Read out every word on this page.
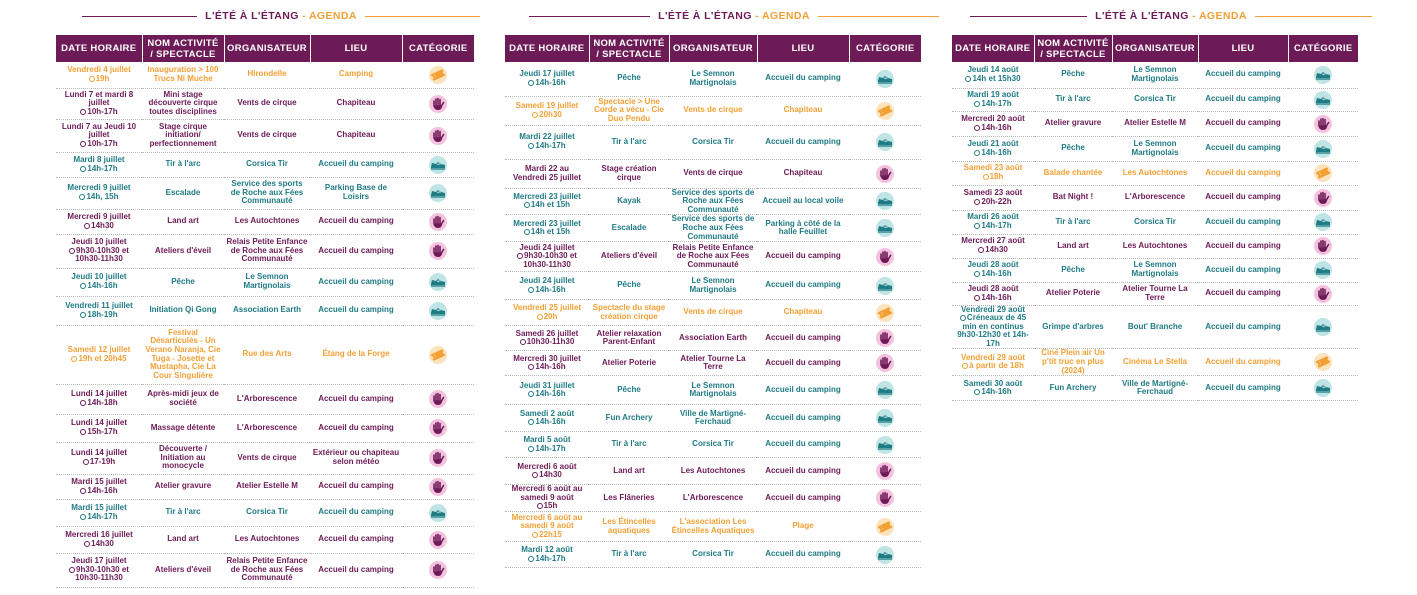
L'ÉTÉ À L'ÉTANG - AGENDA
DATE HORAIRE	NOM ACTIVITÉ / SPECTACLE	ORGANISATEUR	LIEU	CATÉGORIE

Vendredi 4 juillet
19h	Inauguration > 100 Trucs Ni Muche	Hirondelle	Camping	

Lundi 7 et mardi 8 juillet
10h-17h	Mini stage découverte cirque toutes disciplines	Vents de cirque	Chapiteau	

Lundi 7 au Jeudi 10 juillet
10h-17h	Stage cirque initiation/ perfectionnement	Vents de cirque	Chapiteau	

Mardi 8 juillet
14h-17h	Tir à l'arc	Corsica Tir	Accueil du camping	

Mercredi 9 juillet
14h, 15h	Escalade	Service des sports de Roche aux Fées Communauté	Parking Base de Loisirs	

Mercredi 9 juillet
14h30	Land art	Les Autochtones	Accueil du camping	

Jeudi 10 juillet
9h30-10h30 et 10h30-11h30	Ateliers d'éveil	Relais Petite Enfance de Roche aux Fées Communauté	Accueil du camping	

Jeudi 10 juillet
14h-16h	Pêche	Le Semnon Martignolais	Accueil du camping	

Vendredi 11 juillet
18h-19h	Initiation Qi Gong	Association Earth	Accueil du camping	

Samedi 12 juillet
19h et 20h45	Festival Désarticulés - Un Verano Naranja, Cie Tuga - Josette et Mustapha, Cie La Cour Singulière	Rue des Arts	Étang de la Forge	

Lundi 14 juillet
14h-18h	Après-midi jeux de société	L'Arborescence	Accueil du camping	

Lundi 14 juillet
15h-17h	Massage détente	L'Arborescence	Accueil du camping	

Lundi 14 juillet
17-19h	Découverte / Initiation au monocycle	Vents de cirque	Extérieur ou chapiteau selon météo	

Mardi 15 juillet
14h-16h	Atelier gravure	Atelier Estelle M	Accueil du camping	

Mardi 15 juillet
14h-17h	Tir à l'arc	Corsica Tir	Accueil du camping	

Mercredi 16 juillet
14h30	Land art	Les Autochtones	Accueil du camping	

Jeudi 17 juillet
9h30-10h30 et 10h30-11h30	Ateliers d'éveil	Relais Petite Enfance de Roche aux Fées Communauté	Accueil du camping	
L'ÉTÉ À L'ÉTANG - AGENDA
DATE HORAIRE	NOM ACTIVITÉ / SPECTACLE	ORGANISATEUR	LIEU	CATÉGORIE

Jeudi 17 juillet
14h-16h	Pêche	Le Semnon Martignolais	Accueil du camping	

Samedi 19 juillet
20h30	Spectacle > Une Corde a vécu - Cie Duo Pendu	Vents de cirque	Chapiteau	

Mardi 22 juillet
14h-17h	Tir à l'arc	Corsica Tir	Accueil du camping	

Mardi 22 au Vendredi 25 juillet	Stage création cirque	Vents de cirque	Chapiteau	

Mercredi 23 juillet
14h et 15h	Kayak	Service des sports de Roche aux Fées Communauté	Accueil au local voile	

Mercredi 23 juillet
14h et 15h	Escalade	Service des sports de Roche aux Fées Communauté	Parking à côté de la halle Feuillet	

Jeudi 24 juillet
9h30-10h30 et 10h30-11h30	Ateliers d'éveil	Relais Petite Enfance de Roche aux Fées Communauté	Accueil du camping	

Jeudi 24 juillet
14h-16h	Pêche	Le Semnon Martignolais	Accueil du camping	

Vendredi 25 juillet
20h	Spectacle du stage création cirque	Vents de cirque	Chapiteau	

Samedi 26 juillet
10h30-11h30	Atelier relaxation Parent-Enfant	Association Earth	Accueil du camping	

Mercredi 30 juillet
14h-16h	Atelier Poterie	Atelier Tourne La Terre	Accueil du camping	

Jeudi 31 juillet
14h-16h	Pêche	Le Semnon Martignolais	Accueil du camping	

Samedi 2 août
14h-16h	Fun Archery	Ville de Martigné-Ferchaud	Accueil du camping	

Mardi 5 août
14h-17h	Tir à l'arc	Corsica Tir	Accueil du camping	

Mercredi 6 août
14h30	Land art	Les Autochtones	Accueil du camping	

Mercredi 6 août au samedi 9 août
15h	Les Flâneries	L'Arborescence	Accueil du camping	

Mercredi 6 août au samedi 9 août
22h15	Les Étincelles aquatiques	L'association Les Étincelles Aquatiques	Plage	

Mardi 12 août
14h-17h	Tir à l'arc	Corsica Tir	Accueil du camping	
L'ÉTÉ À L'ÉTANG - AGENDA
DATE HORAIRE	NOM ACTIVITÉ / SPECTACLE	ORGANISATEUR	LIEU	CATÉGORIE

Jeudi 14 août
14h et 15h30	Pêche	Le Semnon Martignolais	Accueil du camping	

Mardi 19 août
14h-17h	Tir à l'arc	Corsica Tir	Accueil du camping	

Mercredi 20 août
14h-16h	Atelier gravure	Atelier Estelle M	Accueil du camping	

Jeudi 21 août
14h-16h	Pêche	Le Semnon Martignolais	Accueil du camping	

Samedi 23 août
18h	Balade chantée	Les Autochtones	Accueil du camping	

Samedi 23 août
20h-22h	Bat Night !	L'Arborescence	Accueil du camping	

Mardi 26 août
14h-17h	Tir à l'arc	Corsica Tir	Accueil du camping	

Mercredi 27 août
14h30	Land art	Les Autochtones	Accueil du camping	

Jeudi 28 août
14h-16h	Pêche	Le Semnon Martignolais	Accueil du camping	

Jeudi 28 août
14h-16h	Atelier Poterie	Atelier Tourne La Terre	Accueil du camping	

Vendredi 29 août
Créneaux de 45 min en continus 9h30-12h30 et 14h-17h	Grimpe d'arbres	Bout' Branche	Accueil du camping	

Vendredi 29 août
à partir de 18h	Ciné Plein air Un p'tit truc en plus (2024)	Cinéma Le Stella	Accueil du camping	

Samedi 30 août
14h-16h	Fun Archery	Ville de Martigné-Ferchaud	Accueil du camping	
